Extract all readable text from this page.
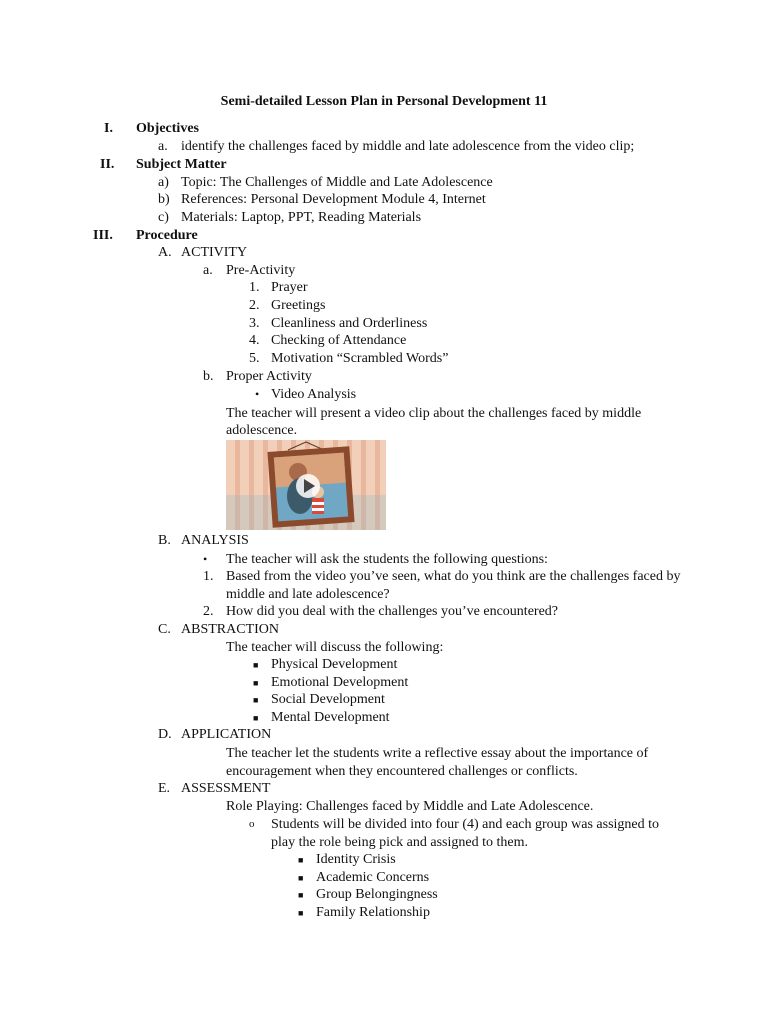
Semi-detailed Lesson Plan in Personal Development 11
I. Objectives
a. identify the challenges faced by middle and late adolescence from the video clip;
II. Subject Matter
a) Topic: The Challenges of Middle and Late Adolescence
b) References: Personal Development Module 4, Internet
c) Materials: Laptop, PPT, Reading Materials
III. Procedure
A. ACTIVITY
a. Pre-Activity
1. Prayer
2. Greetings
3. Cleanliness and Orderliness
4. Checking of Attendance
5. Motivation “Scrambled Words”
b. Proper Activity
• Video Analysis
The teacher will present a video clip about the challenges faced by middle
adolescence.
B. ANALYSIS
• The teacher will ask the students the following questions:
1. Based from the video you’ve seen, what do you think are the challenges faced by
middle and late adolescence?
2. How did you deal with the challenges you’ve encountered?
C. ABSTRACTION
The teacher will discuss the following:
■ Physical Development
■ Emotional Development
■ Social Development
■ Mental Development
D. APPLICATION
The teacher let the students write a reflective essay about the importance of
encouragement when they encountered challenges or conflicts.
E. ASSESSMENT
Role Playing: Challenges faced by Middle and Late Adolescence.
o Students will be divided into four (4) and each group was assigned to
play the role being pick and assigned to them.
■ Identity Crisis
■ Academic Concerns
■ Group Belongingness
■ Family Relationship
